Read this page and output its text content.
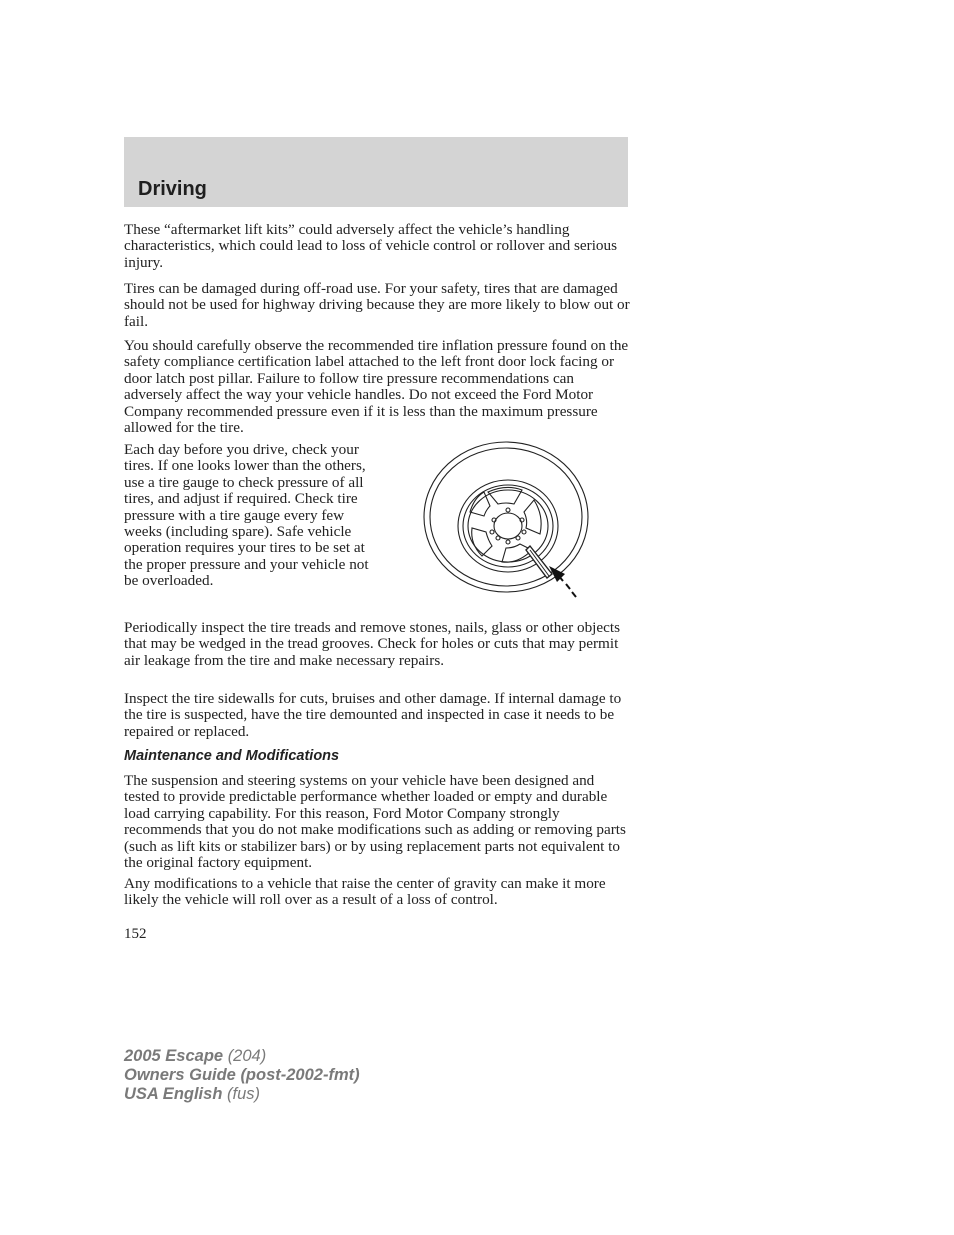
Driving

These “aftermarket lift kits” could adversely affect the vehicle’s handling characteristics, which could lead to loss of vehicle control or rollover and serious injury.

Tires can be damaged during off-road use. For your safety, tires that are damaged should not be used for highway driving because they are more likely to blow out or fail.

You should carefully observe the recommended tire inflation pressure found on the safety compliance certification label attached to the left front door lock facing or door latch post pillar. Failure to follow tire pressure recommendations can adversely affect the way your vehicle handles. Do not exceed the Ford Motor Company recommended pressure even if it is less than the maximum pressure allowed for the tire.

Each day before you drive, check your tires. If one looks lower than the others, use a tire gauge to check pressure of all tires, and adjust if required. Check tire pressure with a tire gauge every few weeks (including spare). Safe vehicle operation requires your tires to be set at the proper pressure and your vehicle not be overloaded.

Periodically inspect the tire treads and remove stones, nails, glass or other objects that may be wedged in the tread grooves. Check for holes or cuts that may permit air leakage from the tire and make necessary repairs.

Inspect the tire sidewalls for cuts, bruises and other damage. If internal damage to the tire is suspected, have the tire demounted and inspected in case it needs to be repaired or replaced.

Maintenance and Modifications

The suspension and steering systems on your vehicle have been designed and tested to provide predictable performance whether loaded or empty and durable load carrying capability. For this reason, Ford Motor Company strongly recommends that you do not make modifications such as adding or removing parts (such as lift kits or stabilizer bars) or by using replacement parts not equivalent to the original factory equipment.

Any modifications to a vehicle that raise the center of gravity can make it more likely the vehicle will roll over as a result of a loss of control.

152
2005 Escape (204)
Owners Guide (post-2002-fmt)
USA English (fus)
